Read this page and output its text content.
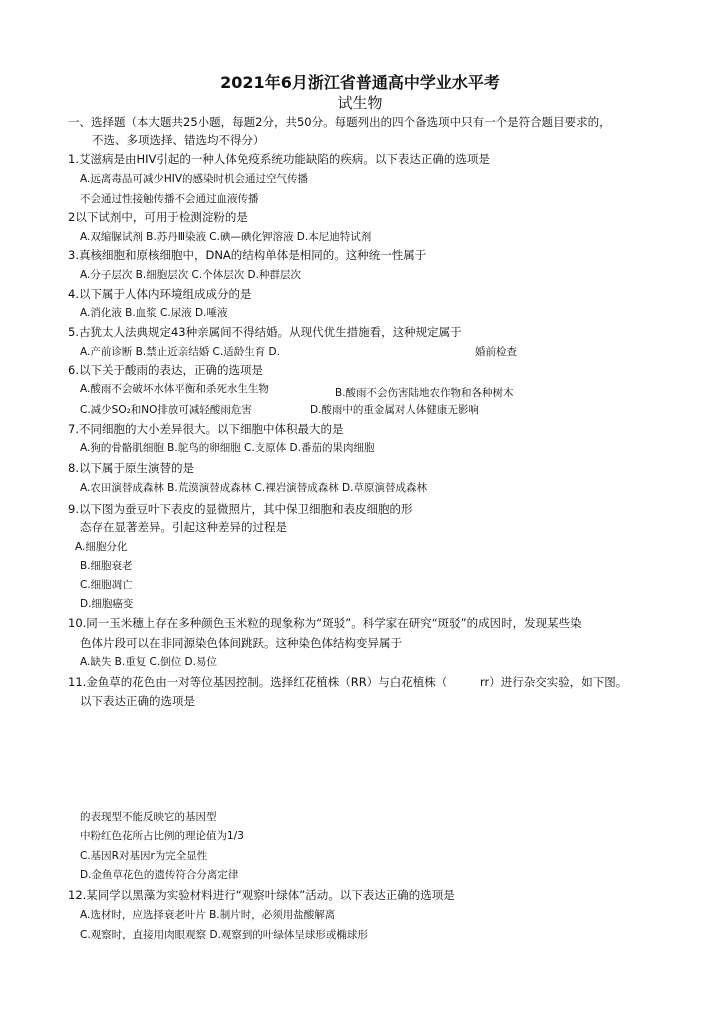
2021年6月浙江省普通高中学业水平考
试生物
一、选择题（本大题共25小题，每题2分，共50分。每题列出的四个备选项中只有一个是符合题目要求的，
不选、多项选择、错选均不得分）
1.艾滋病是由HIV引起的一种人体免疫系统功能缺陷的疾病。以下表达正确的选项是
A.远离毒品可减少HIV的感染时机会通过空气传播
不会通过性接触传播不会通过血液传播
2以下试剂中，可用于检测淀粉的是
A.双缩脲试剂 B.苏丹Ⅲ染液 C.碘—碘化钾溶液 D.本尼迪特试剂
3.真核细胞和原核细胞中，DNA的结构单体是相同的。这种统一性属于
A.分子层次 B.细胞层次 C.个体层次 D.种群层次
4.以下属于人体内环境组成成分的是
A.消化液 B.血浆 C.尿液 D.唾液
5.古犹太人法典规定43种亲属间不得结婚。从现代优生措施看，这种规定属于
A.产前诊断 B.禁止近亲结婚 C.适龄生育 D.	婚前检查
6.以下关于酸雨的表达，正确的选项是
A.酸雨不会破坏水体平衡和杀死水生生物	B.酸雨不会伤害陆地农作物和各种树木
C.减少SO₂和NO排放可减轻酸雨危害	D.酸雨中的重金属对人体健康无影响
7.不同细胞的大小差异很大。以下细胞中体积最大的是
A.狗的骨骼肌细胞 B.鸵鸟的卵细胞 C.支原体 D.番茄的果肉细胞
8.以下属于原生演替的是
A.农田演替成森林 B.荒漠演替成森林 C.裸岩演替成森林 D.草原演替成森林
9.以下图为蚕豆叶下表皮的显微照片，其中保卫细胞和表皮细胞的形
态存在显著差异。引起这种差异的过程是
A.细胞分化
B.细胞衰老
C.细胞凋亡
D.细胞癌变
10.同一玉米穗上存在多种颜色玉米粒的现象称为“斑驳”。科学家在研究“斑驳”的成因时，发现某些染
色体片段可以在非同源染色体间跳跃。这种染色体结构变异属于
A.缺失 B.重复 C.倒位 D.易位
11.金鱼草的花色由一对等位基因控制。选择红花植株（RR）与白花植株（	rr）进行杂交实验，如下图。
以下表达正确的选项是
的表现型不能反映它的基因型
中粉红色花所占比例的理论值为1/3
C.基因R对基因r为完全显性
D.金鱼草花色的遗传符合分离定律
12.某同学以黑藻为实验材料进行“观察叶绿体”活动。以下表达正确的选项是
A.选材时，应选择衰老叶片 B.制片时，必须用盐酸解离
C.观察时，直接用肉眼观察 D.观察到的叶绿体呈球形或椭球形
